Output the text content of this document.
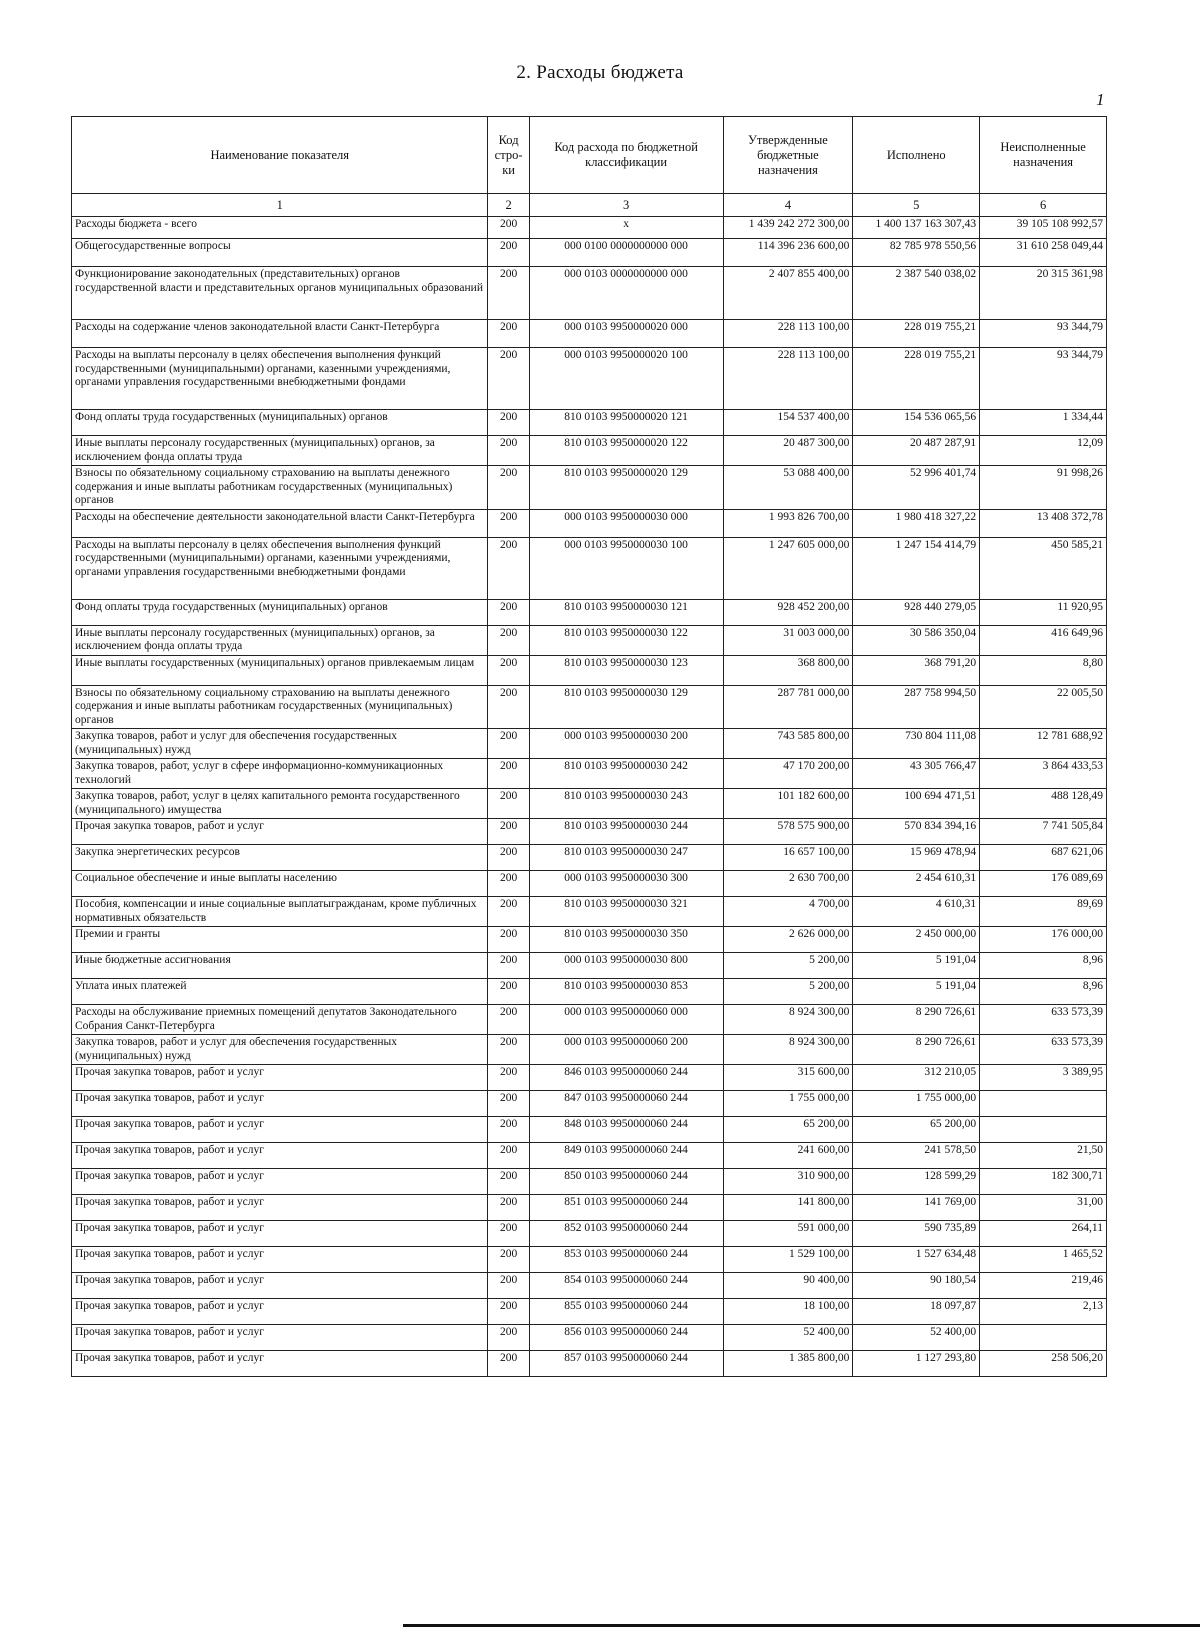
2. Расходы бюджета
1
Наименование показателя	Код стро- ки	Код расхода по бюджетной классификации	Утвержденные бюджетные назначения	Исполнено	Неисполненные назначения
1	2	3	4	5	6
Расходы бюджета - всего	200	x	1 439 242 272 300,00	1 400 137 163 307,43	39 105 108 992,57
Общегосударственные вопросы	200	000 0100 0000000000 000	114 396 236 600,00	82 785 978 550,56	31 610 258 049,44
Функционирование законодательных (представительных) органов государственной власти и представительных органов муниципальных образований	200	000 0103 0000000000 000	2 407 855 400,00	2 387 540 038,02	20 315 361,98
Расходы на содержание членов законодательной власти Санкт-Петербурга	200	000 0103 9950000020 000	228 113 100,00	228 019 755,21	93 344,79
Расходы на выплаты персоналу в целях обеспечения выполнения функций государственными (муниципальными) органами, казенными учреждениями, органами управления государственными внебюджетными фондами	200	000 0103 9950000020 100	228 113 100,00	228 019 755,21	93 344,79
Фонд оплаты труда государственных (муниципальных) органов	200	810 0103 9950000020 121	154 537 400,00	154 536 065,56	1 334,44
Иные выплаты персоналу государственных (муниципальных) органов, за исключением фонда оплаты труда	200	810 0103 9950000020 122	20 487 300,00	20 487 287,91	12,09
Взносы по обязательному социальному страхованию на выплаты денежного содержания и иные выплаты работникам государственных (муниципальных) органов	200	810 0103 9950000020 129	53 088 400,00	52 996 401,74	91 998,26
Расходы на обеспечение деятельности законодательной власти Санкт-Петербурга	200	000 0103 9950000030 000	1 993 826 700,00	1 980 418 327,22	13 408 372,78
Расходы на выплаты персоналу в целях обеспечения выполнения функций государственными (муниципальными) органами, казенными учреждениями, органами управления государственными внебюджетными фондами	200	000 0103 9950000030 100	1 247 605 000,00	1 247 154 414,79	450 585,21
Фонд оплаты труда государственных (муниципальных) органов	200	810 0103 9950000030 121	928 452 200,00	928 440 279,05	11 920,95
Иные выплаты персоналу государственных (муниципальных) органов, за исключением фонда оплаты труда	200	810 0103 9950000030 122	31 003 000,00	30 586 350,04	416 649,96
Иные выплаты государственных (муниципальных) органов привлекаемым лицам	200	810 0103 9950000030 123	368 800,00	368 791,20	8,80
Взносы по обязательному социальному страхованию на выплаты денежного содержания и иные выплаты работникам государственных (муниципальных) органов	200	810 0103 9950000030 129	287 781 000,00	287 758 994,50	22 005,50
Закупка товаров, работ и услуг для обеспечения государственных (муниципальных) нужд	200	000 0103 9950000030 200	743 585 800,00	730 804 111,08	12 781 688,92
Закупка товаров, работ, услуг в сфере информационно-коммуникационных технологий	200	810 0103 9950000030 242	47 170 200,00	43 305 766,47	3 864 433,53
Закупка товаров, работ, услуг в целях капитального ремонта государственного (муниципального) имущества	200	810 0103 9950000030 243	101 182 600,00	100 694 471,51	488 128,49
Прочая закупка товаров, работ и услуг	200	810 0103 9950000030 244	578 575 900,00	570 834 394,16	7 741 505,84
Закупка энергетических ресурсов	200	810 0103 9950000030 247	16 657 100,00	15 969 478,94	687 621,06
Социальное обеспечение и иные выплаты населению	200	000 0103 9950000030 300	2 630 700,00	2 454 610,31	176 089,69
Пособия, компенсации и иные социальные выплатыгражданам, кроме публичных нормативных обязательств	200	810 0103 9950000030 321	4 700,00	4 610,31	89,69
Премии и гранты	200	810 0103 9950000030 350	2 626 000,00	2 450 000,00	176 000,00
Иные бюджетные ассигнования	200	000 0103 9950000030 800	5 200,00	5 191,04	8,96
Уплата иных платежей	200	810 0103 9950000030 853	5 200,00	5 191,04	8,96
Расходы на обслуживание приемных помещений депутатов Законодательного Собрания Санкт-Петербурга	200	000 0103 9950000060 000	8 924 300,00	8 290 726,61	633 573,39
Закупка товаров, работ и услуг для обеспечения государственных (муниципальных) нужд	200	000 0103 9950000060 200	8 924 300,00	8 290 726,61	633 573,39
Прочая закупка товаров, работ и услуг	200	846 0103 9950000060 244	315 600,00	312 210,05	3 389,95
Прочая закупка товаров, работ и услуг	200	847 0103 9950000060 244	1 755 000,00	1 755 000,00	
Прочая закупка товаров, работ и услуг	200	848 0103 9950000060 244	65 200,00	65 200,00	
Прочая закупка товаров, работ и услуг	200	849 0103 9950000060 244	241 600,00	241 578,50	21,50
Прочая закупка товаров, работ и услуг	200	850 0103 9950000060 244	310 900,00	128 599,29	182 300,71
Прочая закупка товаров, работ и услуг	200	851 0103 9950000060 244	141 800,00	141 769,00	31,00
Прочая закупка товаров, работ и услуг	200	852 0103 9950000060 244	591 000,00	590 735,89	264,11
Прочая закупка товаров, работ и услуг	200	853 0103 9950000060 244	1 529 100,00	1 527 634,48	1 465,52
Прочая закупка товаров, работ и услуг	200	854 0103 9950000060 244	90 400,00	90 180,54	219,46
Прочая закупка товаров, работ и услуг	200	855 0103 9950000060 244	18 100,00	18 097,87	2,13
Прочая закупка товаров, работ и услуг	200	856 0103 9950000060 244	52 400,00	52 400,00	
Прочая закупка товаров, работ и услуг	200	857 0103 9950000060 244	1 385 800,00	1 127 293,80	258 506,20
